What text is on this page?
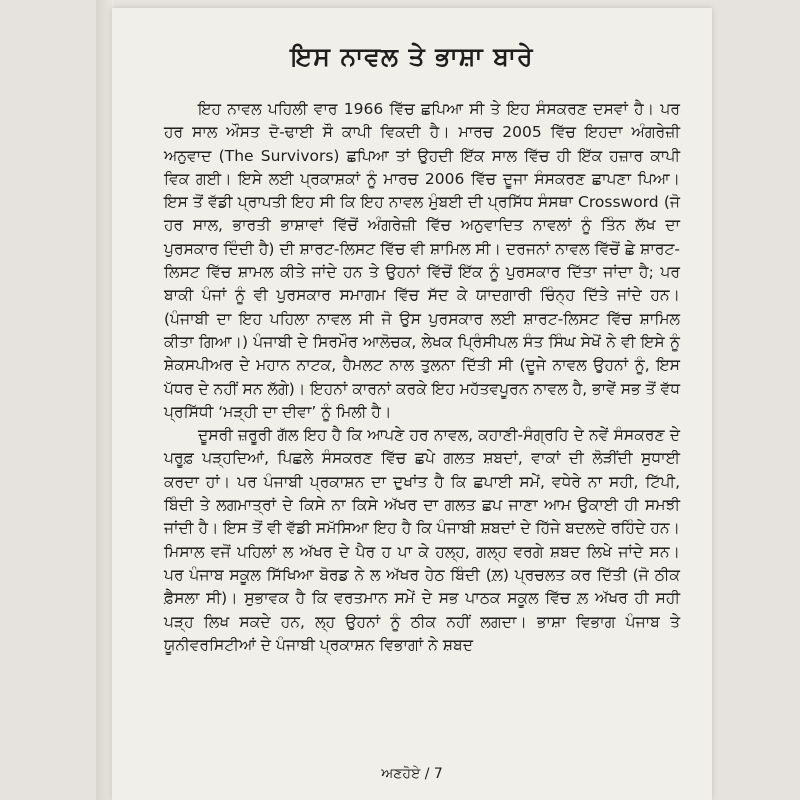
ਇਸ ਨਾਵਲ ਤੇ ਭਾਸ਼ਾ ਬਾਰੇ

ਇਹ ਨਾਵਲ ਪਹਿਲੀ ਵਾਰ 1966 ਵਿੱਚ ਛਪਿਆ ਸੀ ਤੇ ਇਹ ਸੰਸਕਰਣ ਦਸਵਾਂ ਹੈ। ਪਰ ਹਰ ਸਾਲ ਔਸਤ ਦੋ-ਢਾਈ ਸੌ ਕਾਪੀ ਵਿਕਦੀ ਹੈ। ਮਾਰਚ 2005 ਵਿੱਚ ਇਹਦਾ ਅੰਗਰੇਜ਼ੀ ਅਨੁਵਾਦ (The Survivors) ਛਪਿਆ ਤਾਂ ਉਹਦੀ ਇੱਕ ਸਾਲ ਵਿੱਚ ਹੀ ਇੱਕ ਹਜ਼ਾਰ ਕਾਪੀ ਵਿਕ ਗਈ। ਇਸੇ ਲਈ ਪ੍ਰਕਾਸ਼ਕਾਂ ਨੂੰ ਮਾਰਚ 2006 ਵਿੱਚ ਦੂਜਾ ਸੰਸਕਰਣ ਛਾਪਣਾ ਪਿਆ। ਇਸ ਤੋਂ ਵੱਡੀ ਪ੍ਰਾਪਤੀ ਇਹ ਸੀ ਕਿ ਇਹ ਨਾਵਲ ਮੁੰਬਈ ਦੀ ਪ੍ਰਸਿੱਧ ਸੰਸਥਾ Crossword (ਜੋ ਹਰ ਸਾਲ, ਭਾਰਤੀ ਭਾਸ਼ਾਵਾਂ ਵਿੱਚੋਂ ਅੰਗਰੇਜ਼ੀ ਵਿੱਚ ਅਨੁਵਾਦਿਤ ਨਾਵਲਾਂ ਨੂੰ ਤਿੰਨ ਲੱਖ ਦਾ ਪੁਰਸਕਾਰ ਦਿੰਦੀ ਹੈ) ਦੀ ਸ਼ਾਰਟ-ਲਿਸਟ ਵਿੱਚ ਵੀ ਸ਼ਾਮਿਲ ਸੀ। ਦਰਜਨਾਂ ਨਾਵਲ ਵਿੱਚੋਂ ਛੇ ਸ਼ਾਰਟ-ਲਿਸਟ ਵਿੱਚ ਸ਼ਾਮਲ ਕੀਤੇ ਜਾਂਦੇ ਹਨ ਤੇ ਉਹਨਾਂ ਵਿੱਚੋਂ ਇੱਕ ਨੂੰ ਪੁਰਸਕਾਰ ਦਿੱਤਾ ਜਾਂਦਾ ਹੈ; ਪਰ ਬਾਕੀ ਪੰਜਾਂ ਨੂੰ ਵੀ ਪੁਰਸਕਾਰ ਸਮਾਗਮ ਵਿੱਚ ਸੱਦ ਕੇ ਯਾਦਗਾਰੀ ਚਿੰਨ੍ਹ ਦਿੱਤੇ ਜਾਂਦੇ ਹਨ। (ਪੰਜਾਬੀ ਦਾ ਇਹ ਪਹਿਲਾ ਨਾਵਲ ਸੀ ਜੋ ਉਸ ਪੁਰਸਕਾਰ ਲਈ ਸ਼ਾਰਟ-ਲਿਸਟ ਵਿੱਚ ਸ਼ਾਮਿਲ ਕੀਤਾ ਗਿਆ।) ਪੰਜਾਬੀ ਦੇ ਸਿਰਮੌਰ ਆਲੋਚਕ, ਲੇਖਕ ਪ੍ਰਿੰਸੀਪਲ ਸੰਤ ਸਿੰਘ ਸੇਖੋਂ ਨੇ ਵੀ ਇਸੇ ਨੂੰ ਸ਼ੇਕਸਪੀਅਰ ਦੇ ਮਹਾਨ ਨਾਟਕ, ਹੈਮਲਟ ਨਾਲ ਤੁਲਨਾ ਦਿੱਤੀ ਸੀ (ਦੂਜੇ ਨਾਵਲ ਉਹਨਾਂ ਨੂੰ, ਇਸ ਪੱਧਰ ਦੇ ਨਹੀਂ ਸਨ ਲੱਗੇ)। ਇਹਨਾਂ ਕਾਰਨਾਂ ਕਰਕੇ ਇਹ ਮਹੱਤਵਪੂਰਨ ਨਾਵਲ ਹੈ, ਭਾਵੇਂ ਸਭ ਤੋਂ ਵੱਧ ਪ੍ਰਸਿੱਧੀ ‘ਮੜ੍ਹੀ ਦਾ ਦੀਵਾ’ ਨੂੰ ਮਿਲੀ ਹੈ।

ਦੂਸਰੀ ਜ਼ਰੂਰੀ ਗੱਲ ਇਹ ਹੈ ਕਿ ਆਪਣੇ ਹਰ ਨਾਵਲ, ਕਹਾਣੀ-ਸੰਗ੍ਰਹਿ ਦੇ ਨਵੇਂ ਸੰਸਕਰਣ ਦੇ ਪਰੂਫ਼ ਪੜ੍ਹਦਿਆਂ, ਪਿਛਲੇ ਸੰਸਕਰਣ ਵਿੱਚ ਛਪੇ ਗਲਤ ਸ਼ਬਦਾਂ, ਵਾਕਾਂ ਦੀ ਲੋੜੀਂਦੀ ਸੁਧਾਈ ਕਰਦਾ ਹਾਂ। ਪਰ ਪੰਜਾਬੀ ਪ੍ਰਕਾਸ਼ਨ ਦਾ ਦੁਖਾਂਤ ਹੈ ਕਿ ਛਪਾਈ ਸਮੇਂ, ਵਧੇਰੇ ਨਾ ਸਹੀ, ਟਿੱਪੀ, ਬਿੰਦੀ ਤੇ ਲਗਮਾਤ੍ਰਾਂ ਦੇ ਕਿਸੇ ਨਾ ਕਿਸੇ ਅੱਖਰ ਦਾ ਗਲਤ ਛਪ ਜਾਣਾ ਆਮ ਉਕਾਈ ਹੀ ਸਮਝੀ ਜਾਂਦੀ ਹੈ। ਇਸ ਤੋਂ ਵੀ ਵੱਡੀ ਸਮੱਸਿਆ ਇਹ ਹੈ ਕਿ ਪੰਜਾਬੀ ਸ਼ਬਦਾਂ ਦੇ ਹਿੱਜੇ ਬਦਲਦੇ ਰਹਿੰਦੇ ਹਨ। ਮਿਸਾਲ ਵਜੋਂ ਪਹਿਲਾਂ ਲ ਅੱਖਰ ਦੇ ਪੈਰ ਹ ਪਾ ਕੇ ਹਲ੍ਹ, ਗਲ੍ਹ ਵਰਗੇ ਸ਼ਬਦ ਲਿਖੇ ਜਾਂਦੇ ਸਨ। ਪਰ ਪੰਜਾਬ ਸਕੂਲ ਸਿੱਖਿਆ ਬੋਰਡ ਨੇ ਲ ਅੱਖਰ ਹੇਠ ਬਿੰਦੀ (ਲ਼) ਪ੍ਰਚਲਤ ਕਰ ਦਿੱਤੀ (ਜੋ ਠੀਕ ਫ਼ੈਸਲਾ ਸੀ)। ਸੁਭਾਵਕ ਹੈ ਕਿ ਵਰਤਮਾਨ ਸਮੇਂ ਦੇ ਸਭ ਪਾਠਕ ਸਕੂਲ ਵਿੱਚ ਲ਼ ਅੱਖਰ ਹੀ ਸਹੀ ਪੜ੍ਹ ਲਿਖ ਸਕਦੇ ਹਨ, ਲ੍ਹ ਉਹਨਾਂ ਨੂੰ ਠੀਕ ਨਹੀਂ ਲਗਦਾ। ਭਾਸ਼ਾ ਵਿਭਾਗ ਪੰਜਾਬ ਤੇ ਯੂਨੀਵਰਸਿਟੀਆਂ ਦੇ ਪੰਜਾਬੀ ਪ੍ਰਕਾਸ਼ਨ ਵਿਭਾਗਾਂ ਨੇ ਸ਼ਬਦ

ਅਣਹੋਏ / 7
